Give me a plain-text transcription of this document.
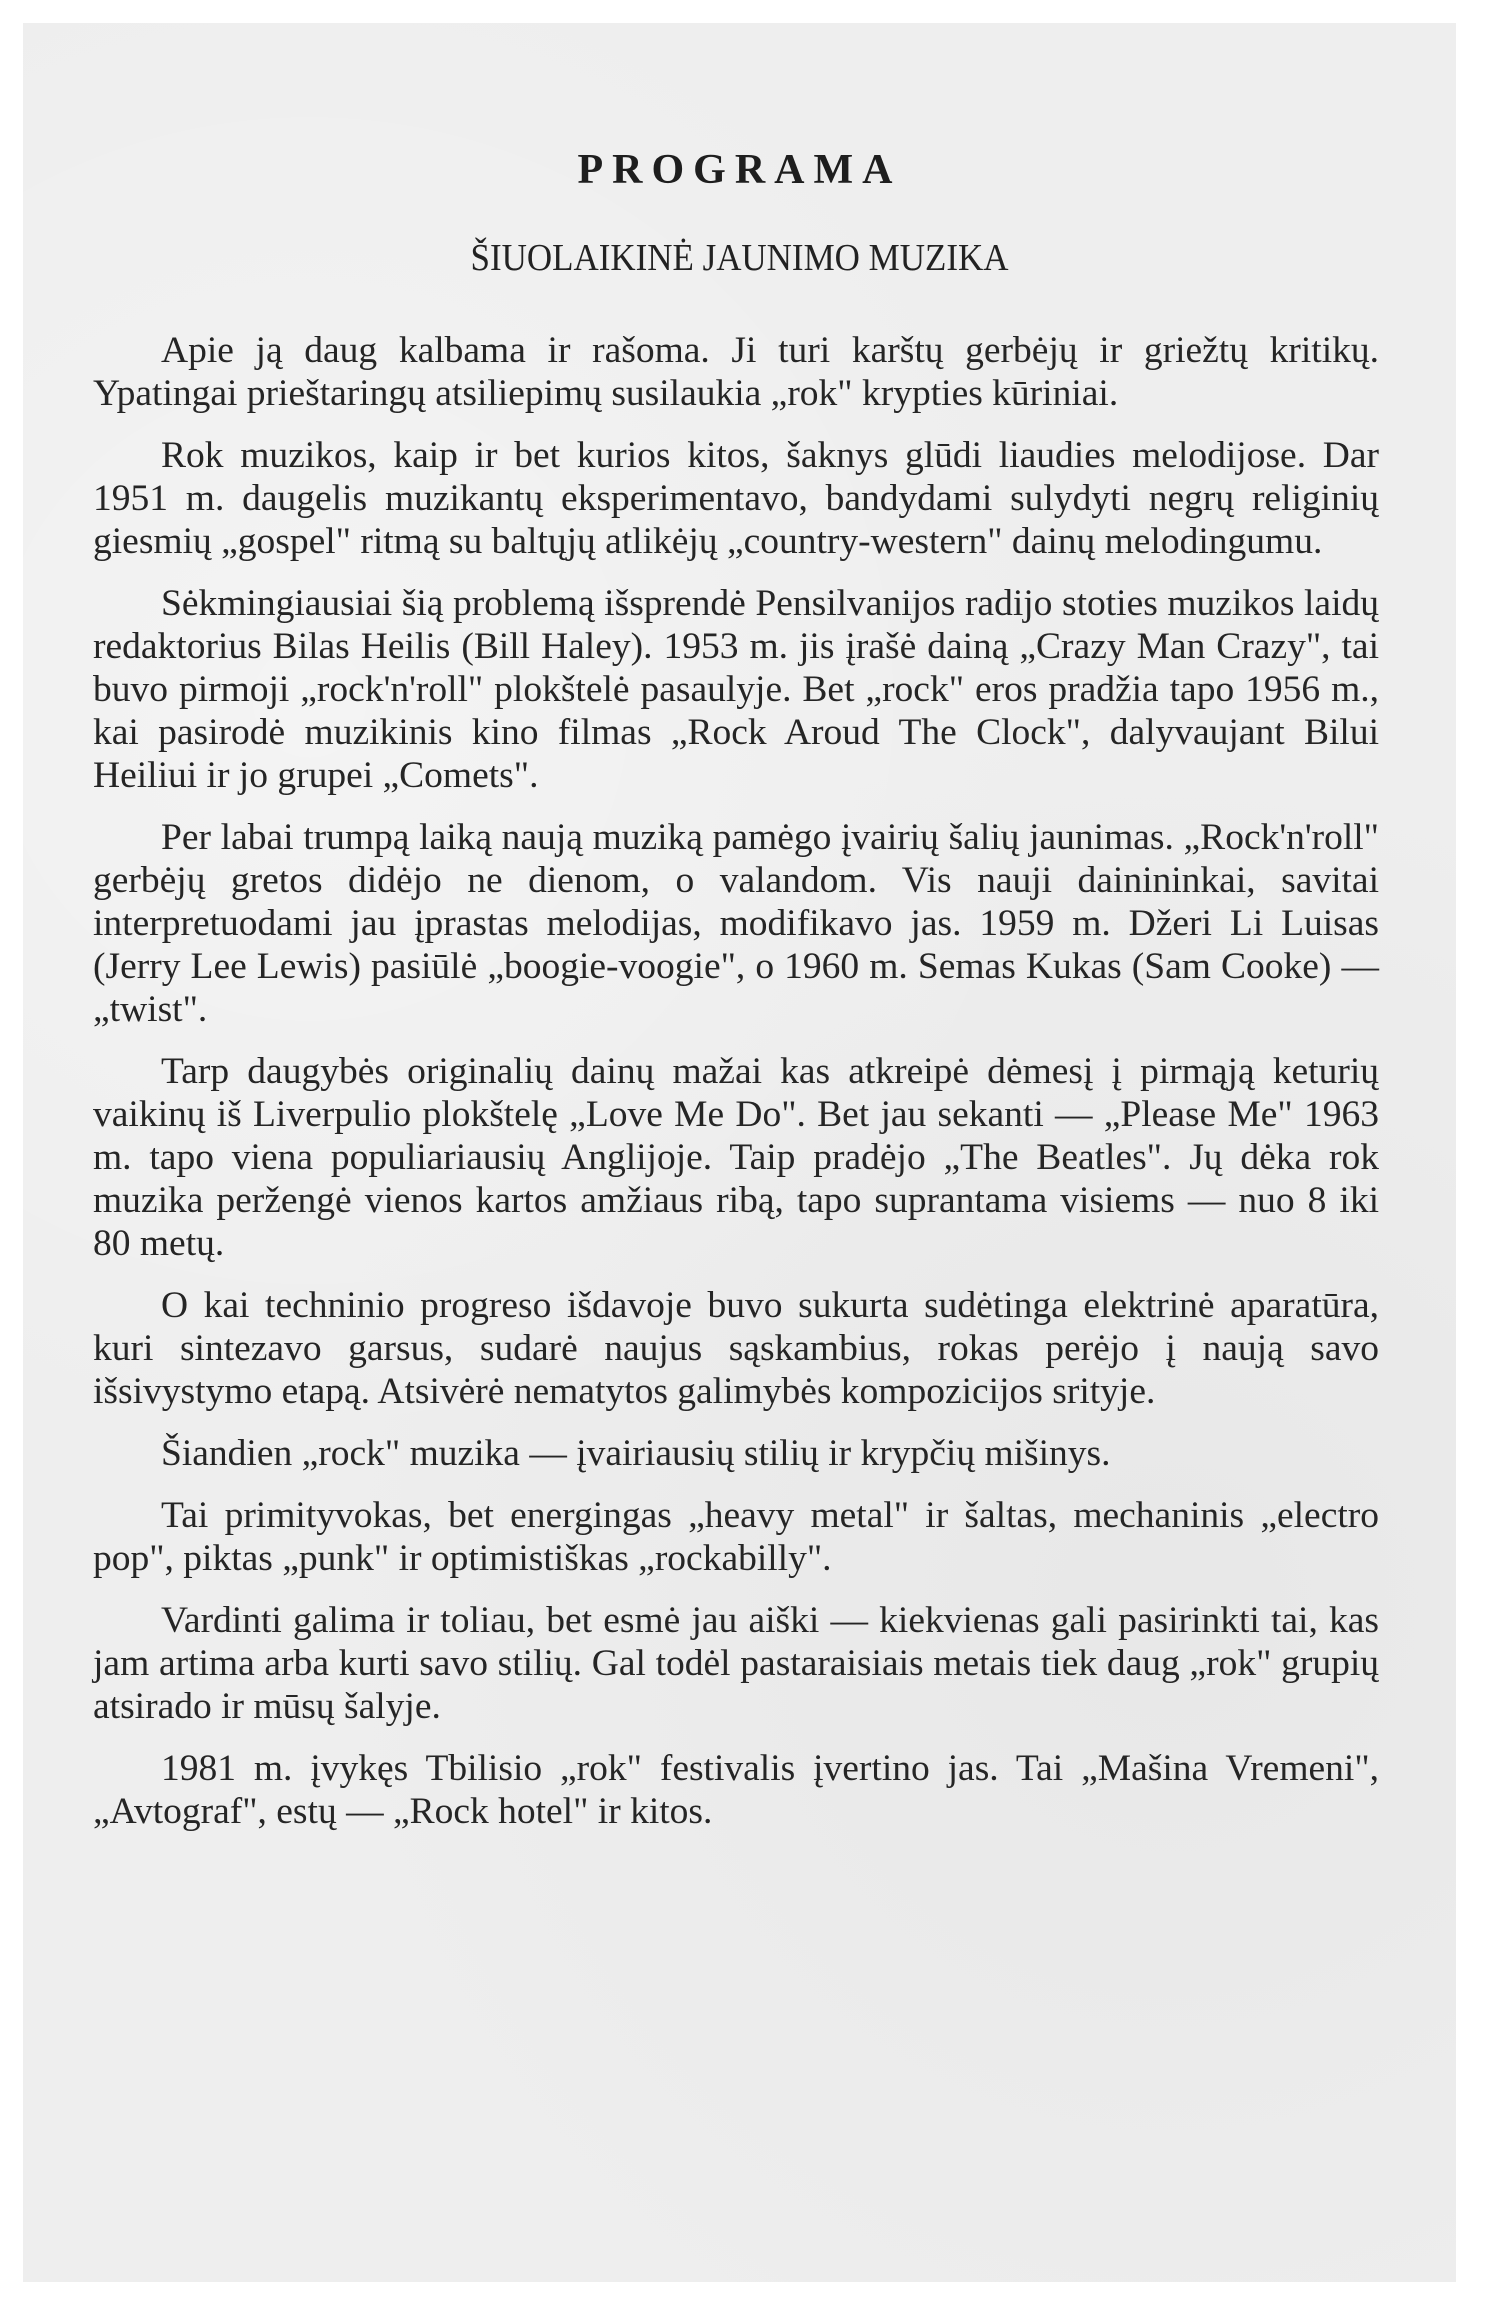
PROGRAMA
ŠIUOLAIKINĖ JAUNIMO MUZIKA

Apie ją daug kalbama ir rašoma. Ji turi karštų gerbėjų ir griežtų kritikų. Ypatingai prieštaringų atsiliepimų susilaukia „rok" krypties kūriniai.

Rok muzikos, kaip ir bet kurios kitos, šaknys glūdi liaudies melodijose. Dar 1951 m. daugelis muzikantų eksperimentavo, bandydami sulydyti negrų religinių giesmių „gospel" ritmą su baltųjų atlikėjų „country-western" dainų melodingumu.

Sėkmingiausiai šią problemą išsprendė Pensilvanijos radijo stoties muzikos laidų redaktorius Bilas Heilis (Bill Haley). 1953 m. jis įrašė dainą „Crazy Man Crazy", tai buvo pirmoji „rock'n'roll" plokštelė pasaulyje. Bet „rock" eros pradžia tapo 1956 m., kai pasirodė muzikinis kino filmas „Rock Aroud The Clock", dalyvaujant Bilui Heiliui ir jo grupei „Comets".

Per labai trumpą laiką naują muziką pamėgo įvairių šalių jaunimas. „Rock'n'roll" gerbėjų gretos didėjo ne dienom, o valandom. Vis nauji dainininkai, savitai interpretuodami jau įprastas melodijas, modifikavo jas. 1959 m. Džeri Li Luisas (Jerry Lee Lewis) pasiūlė „boogie-voogie", o 1960 m. Semas Kukas (Sam Cooke) — „twist".

Tarp daugybės originalių dainų mažai kas atkreipė dėmesį į pirmąją keturių vaikinų iš Liverpulio plokštelę „Love Me Do". Bet jau sekanti — „Please Me" 1963 m. tapo viena populiariausių Anglijoje. Taip pradėjo „The Beatles". Jų dėka rok muzika peržengė vienos kartos amžiaus ribą, tapo suprantama visiems — nuo 8 iki 80 metų.

O kai techninio progreso išdavoje buvo sukurta sudėtinga elektrinė aparatūra, kuri sintezavo garsus, sudarė naujus sąskambius, rokas perėjo į naują savo išsivystymo etapą. Atsivėrė nematytos galimybės kompozicijos srityje.

Šiandien „rock" muzika — įvairiausių stilių ir krypčių mišinys.

Tai primityvokas, bet energingas „heavy metal" ir šaltas, mechaninis „electro pop", piktas „punk" ir optimistiškas „rockabilly".

Vardinti galima ir toliau, bet esmė jau aiški — kiekvienas gali pasirinkti tai, kas jam artima arba kurti savo stilių. Gal todėl pastaraisiais metais tiek daug „rok" grupių atsirado ir mūsų šalyje.

1981 m. įvykęs Tbilisio „rok" festivalis įvertino jas. Tai „Mašina Vremeni", „Avtograf", estų — „Rock hotel" ir kitos.
